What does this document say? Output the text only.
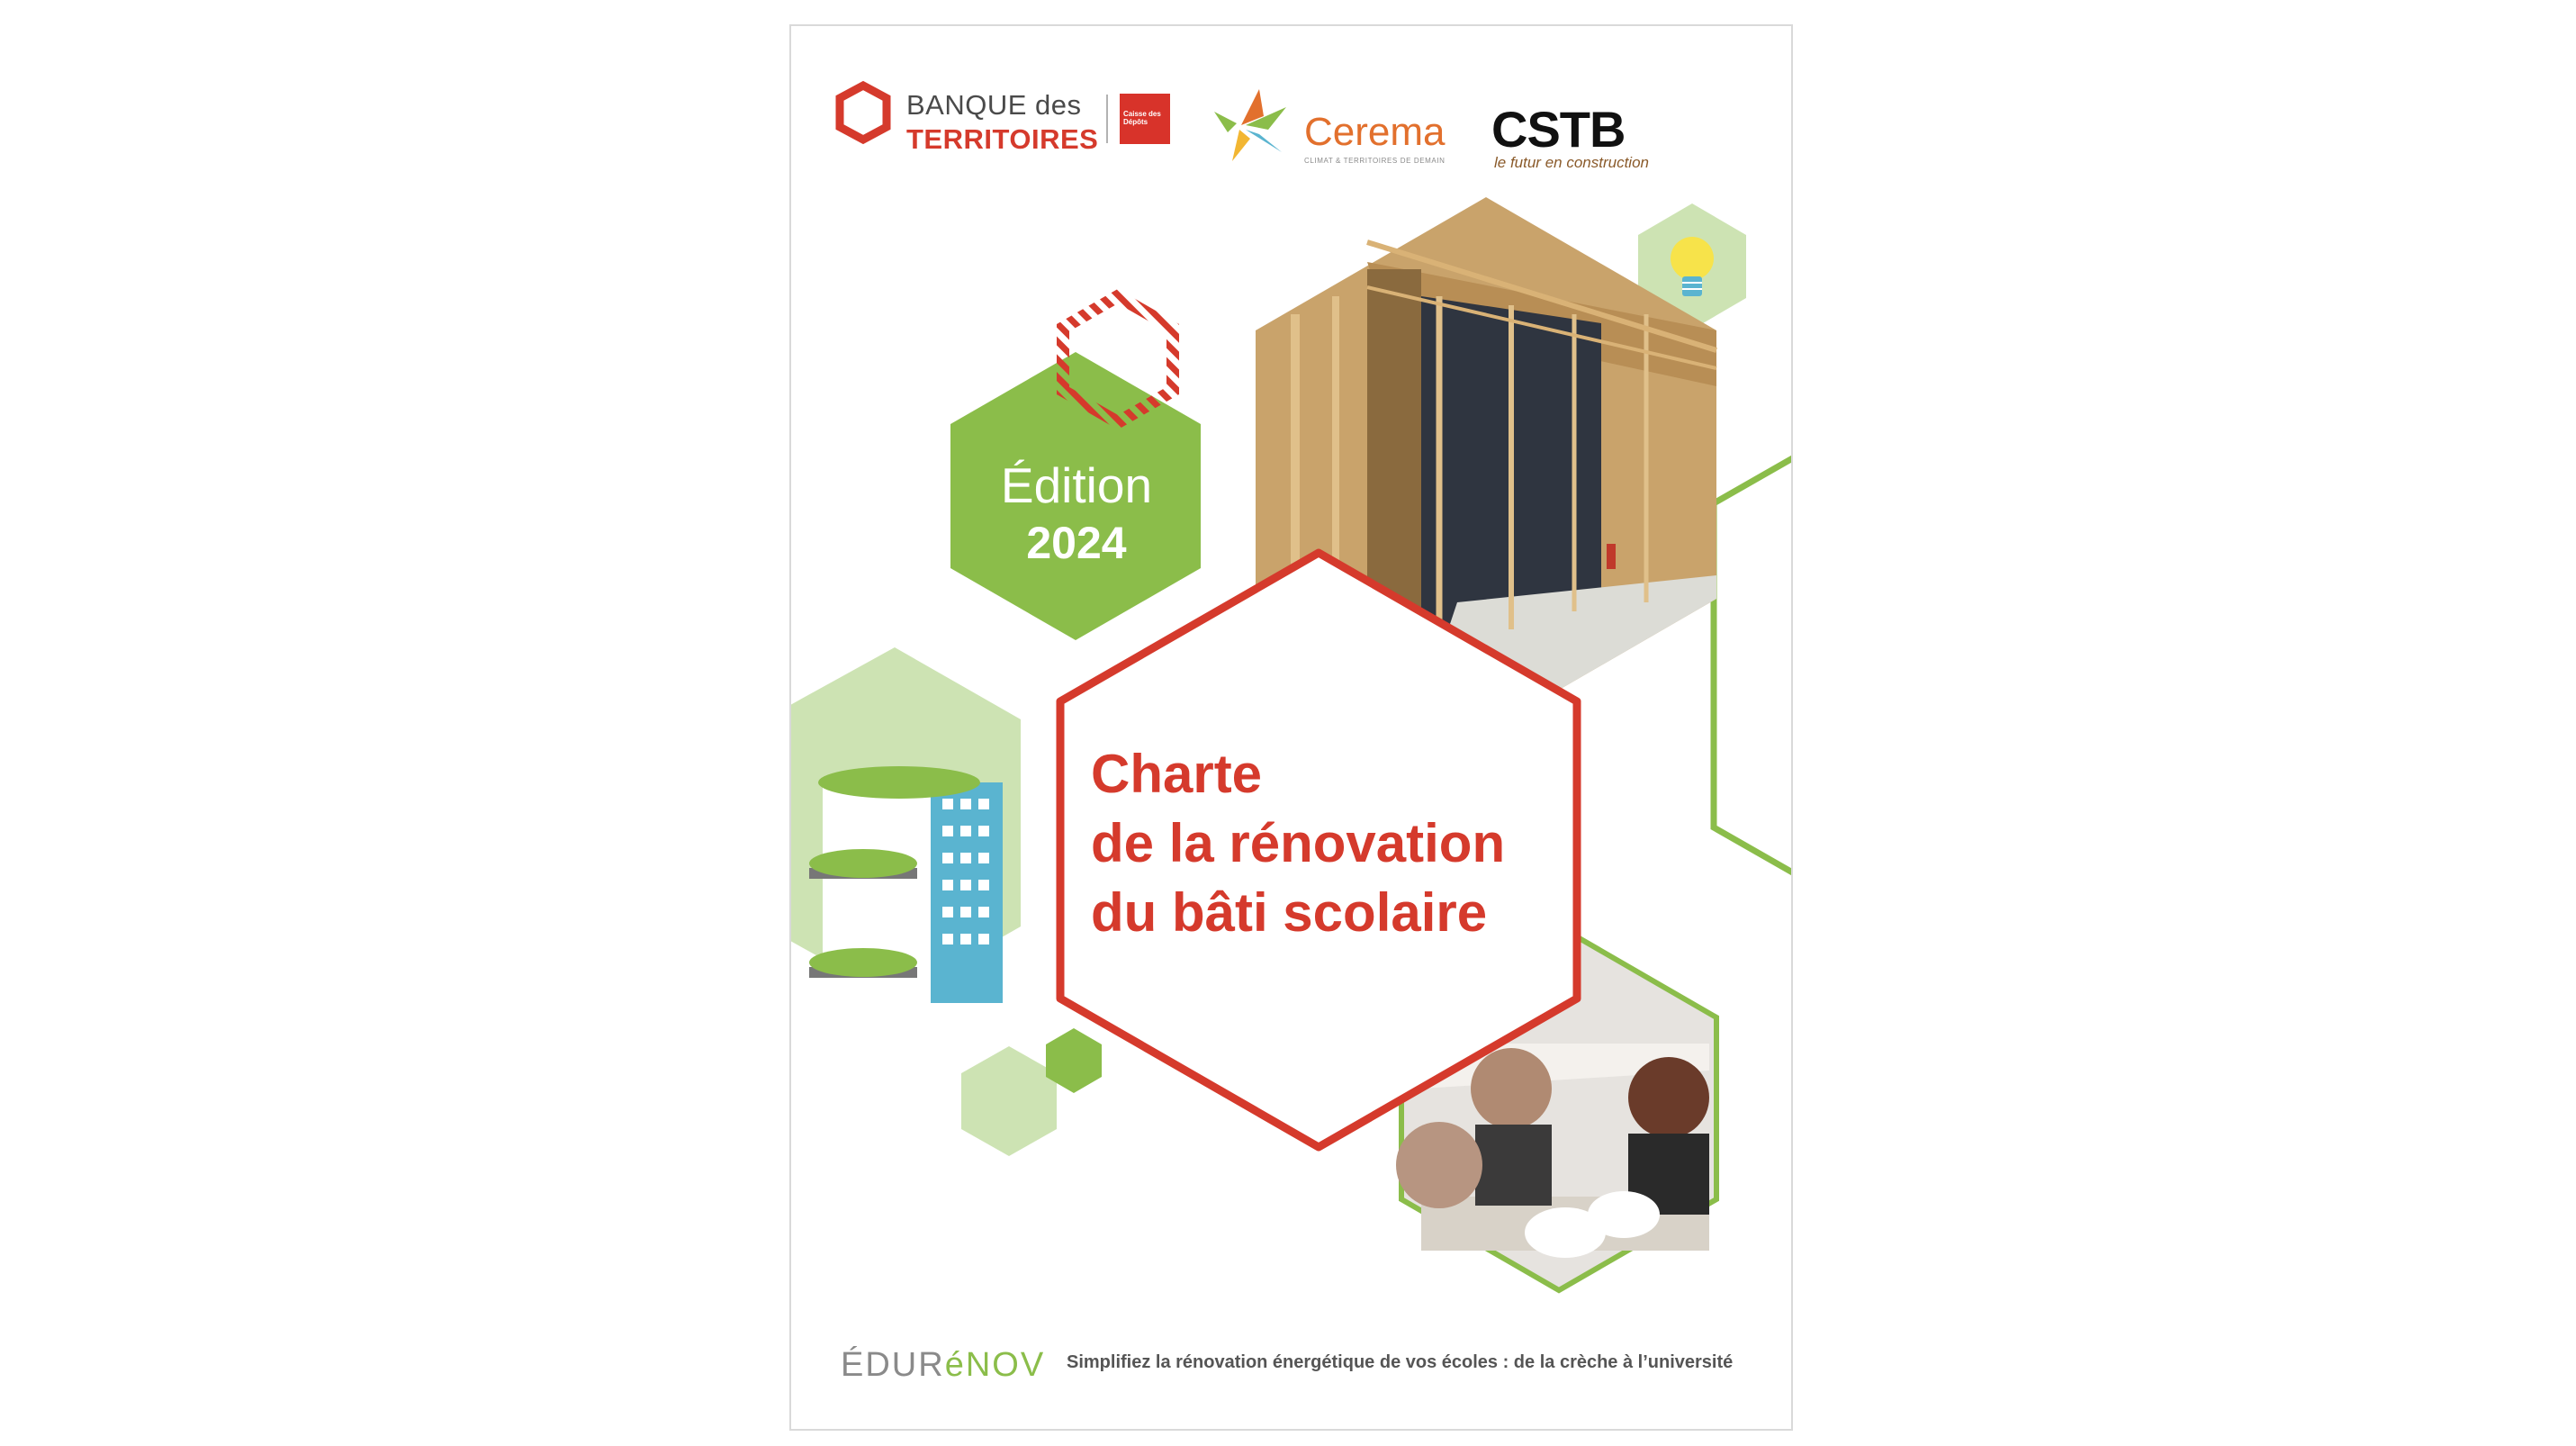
BANQUE des
TERRITOIRES
Caisse des Dépôts	Cerema
CLIMAT & TERRITOIRES DE DEMAIN
CSTB
le futur en construction
Édition
2024
Charte
de la rénovation
du bâti scolaire
ÉDURéNOV Simplifiez la rénovation énergétique de vos écoles : de la crèche à l’université
